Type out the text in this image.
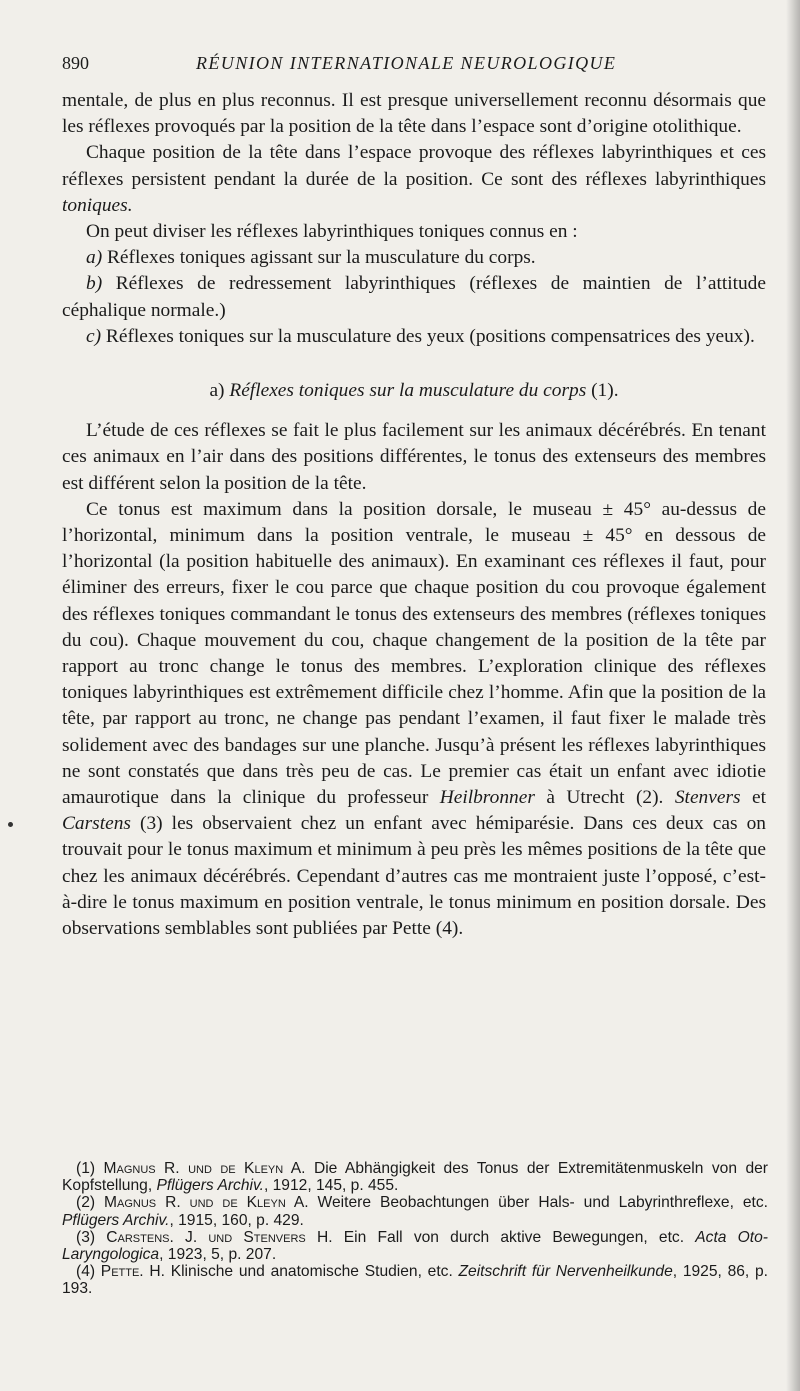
890	RÉUNION INTERNATIONALE NEUROLOGIQUE

mentale, de plus en plus reconnus. Il est presque universellement reconnu désormais que les réflexes provoqués par la position de la tête dans l’espace sont d’origine otolithique.

Chaque position de la tête dans l’espace provoque des réflexes labyrinthiques et ces réflexes persistent pendant la durée de la position. Ce sont des réflexes labyrinthiques toniques.

On peut diviser les réflexes labyrinthiques toniques connus en :

a) Réflexes toniques agissant sur la musculature du corps.

b) Réflexes de redressement labyrinthiques (réflexes de maintien de l’attitude céphalique normale.)

c) Réflexes toniques sur la musculature des yeux (positions compensatrices des yeux).

a) Réflexes toniques sur la musculature du corps (1).

L’étude de ces réflexes se fait le plus facilement sur les animaux décérébrés. En tenant ces animaux en l’air dans des positions différentes, le tonus des extenseurs des membres est différent selon la position de la tête.

Ce tonus est maximum dans la position dorsale, le museau ± 45° au-dessus de l’horizontal, minimum dans la position ventrale, le museau ± 45° en dessous de l’horizontal (la position habituelle des animaux). En examinant ces réflexes il faut, pour éliminer des erreurs, fixer le cou parce que chaque position du cou provoque également des réflexes toniques commandant le tonus des extenseurs des membres (réflexes toniques du cou). Chaque mouvement du cou, chaque changement de la position de la tête par rapport au tronc change le tonus des membres. L’exploration clinique des réflexes toniques labyrinthiques est extrêmement difficile chez l’homme. Afin que la position de la tête, par rapport au tronc, ne change pas pendant l’examen, il faut fixer le malade très solidement avec des bandages sur une planche. Jusqu’à présent les réflexes labyrinthiques ne sont constatés que dans très peu de cas. Le premier cas était un enfant avec idiotie amaurotique dans la clinique du professeur Heilbronner à Utrecht (2). Stenvers et Carstens (3) les observaient chez un enfant avec hémiparésie. Dans ces deux cas on trouvait pour le tonus maximum et minimum à peu près les mêmes positions de la tête que chez les animaux décérébrés. Cependant d’autres cas me montraient juste l’opposé, c’est-à-dire le tonus maximum en position ventrale, le tonus minimum en position dorsale. Des observations semblables sont publiées par Pette (4).

(1) Magnus R. und de Kleyn A. Die Abhängigkeit des Tonus der Extremitätenmuskeln von der Kopfstellung, Pflügers Archiv., 1912, 145, p. 455.

(2) Magnus R. und de Kleyn A. Weitere Beobachtungen über Hals- und Labyrinthreflexe, etc. Pflügers Archiv., 1915, 160, p. 429.

(3) Carstens. J. und Stenvers H. Ein Fall von durch aktive Bewegungen, etc. Acta Oto-Laryngologica, 1923, 5, p. 207.

(4) Pette. H. Klinische und anatomische Studien, etc. Zeitschrift für Nervenheilkunde, 1925, 86, p. 193.
